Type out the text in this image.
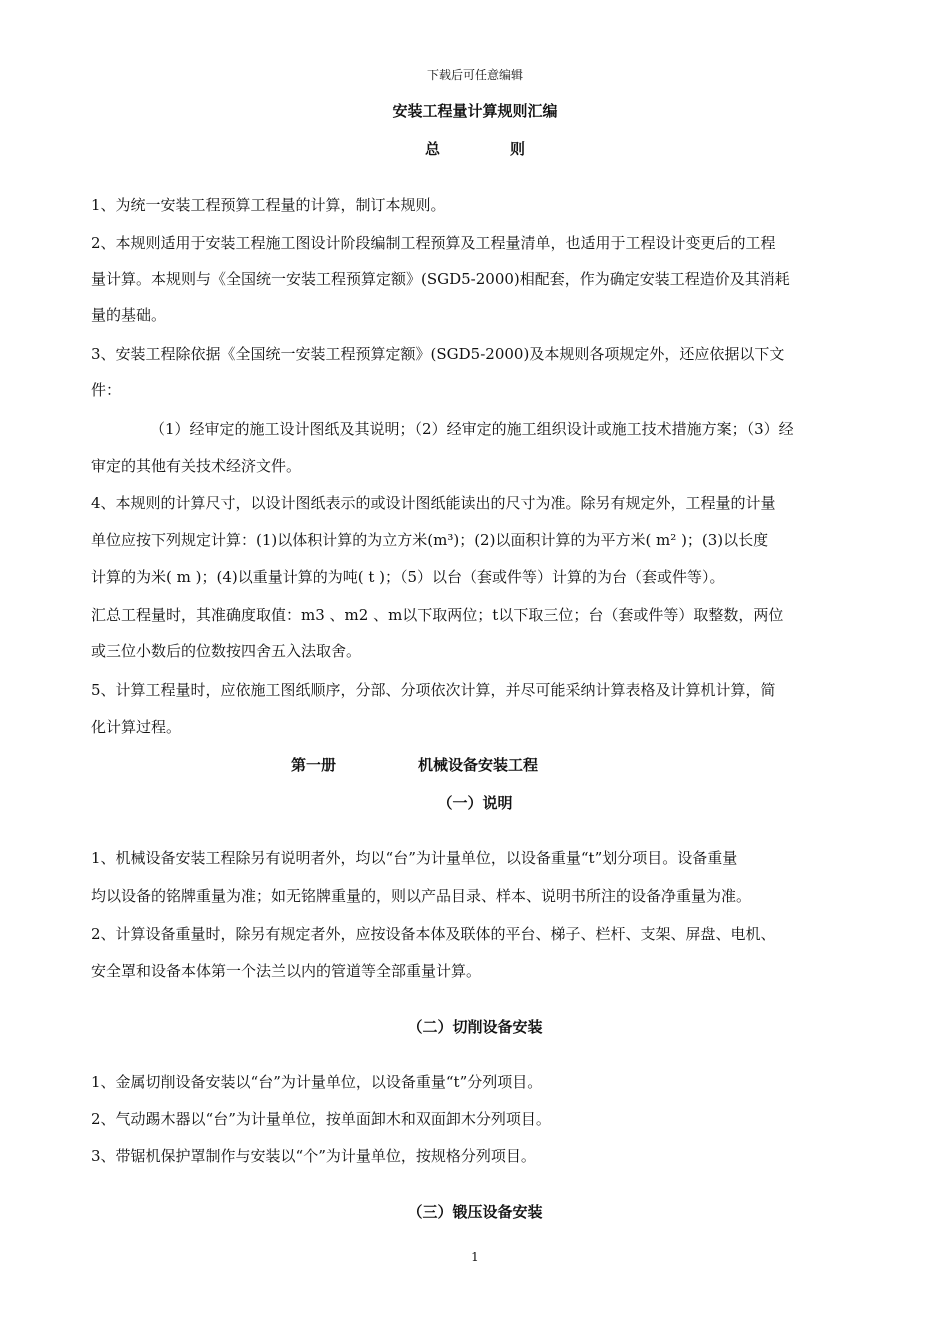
下载后可任意编辑
安装工程量计算规则汇编
总	则
1、为统一安装工程预算工程量的计算，制订本规则。
2、本规则适用于安装工程施工图设计阶段编制工程预算及工程量清单，也适用于工程设计变更后的工程
量计算。本规则与《全国统一安装工程预算定额》(SGD5-2000)相配套，作为确定安装工程造价及其消耗
量的基础。
3、安装工程除依据《全国统一安装工程预算定额》(SGD5-2000)及本规则各项规定外，还应依据以下文
件：
（1）经审定的施工设计图纸及其说明；（2）经审定的施工组织设计或施工技术措施方案；（3）经
审定的其他有关技术经济文件。
4、本规则的计算尺寸，以设计图纸表示的或设计图纸能读出的尺寸为准。除另有规定外，工程量的计量
单位应按下列规定计算：(1)以体积计算的为立方米(m³)；(2)以面积计算的为平方米( m² )；(3)以长度
计算的为米( m )；(4)以重量计算的为吨( t )；（5）以台（套或件等）计算的为台（套或件等）。
汇总工程量时，其准确度取值：m3 、m2 、m以下取两位；t以下取三位；台（套或件等）取整数，两位
或三位小数后的位数按四舍五入法取舍。
5、计算工程量时，应依施工图纸顺序，分部、分项依次计算，并尽可能采纳计算表格及计算机计算，简
化计算过程。
第一册	机械设备安装工程
（一）说明
1、机械设备安装工程除另有说明者外，均以“台”为计量单位，以设备重量“t”划分项目。设备重量
均以设备的铭牌重量为准；如无铭牌重量的，则以产品目录、样本、说明书所注的设备净重量为准。
2、计算设备重量时，除另有规定者外，应按设备本体及联体的平台、梯子、栏杆、支架、屏盘、电机、
安全罩和设备本体第一个法兰以内的管道等全部重量计算。
（二）切削设备安装
1、金属切削设备安装以“台”为计量单位，以设备重量“t”分列项目。
2、气动踢木器以“台”为计量单位，按单面卸木和双面卸木分列项目。
3、带锯机保护罩制作与安装以“个”为计量单位，按规格分列项目。
（三）锻压设备安装
1
